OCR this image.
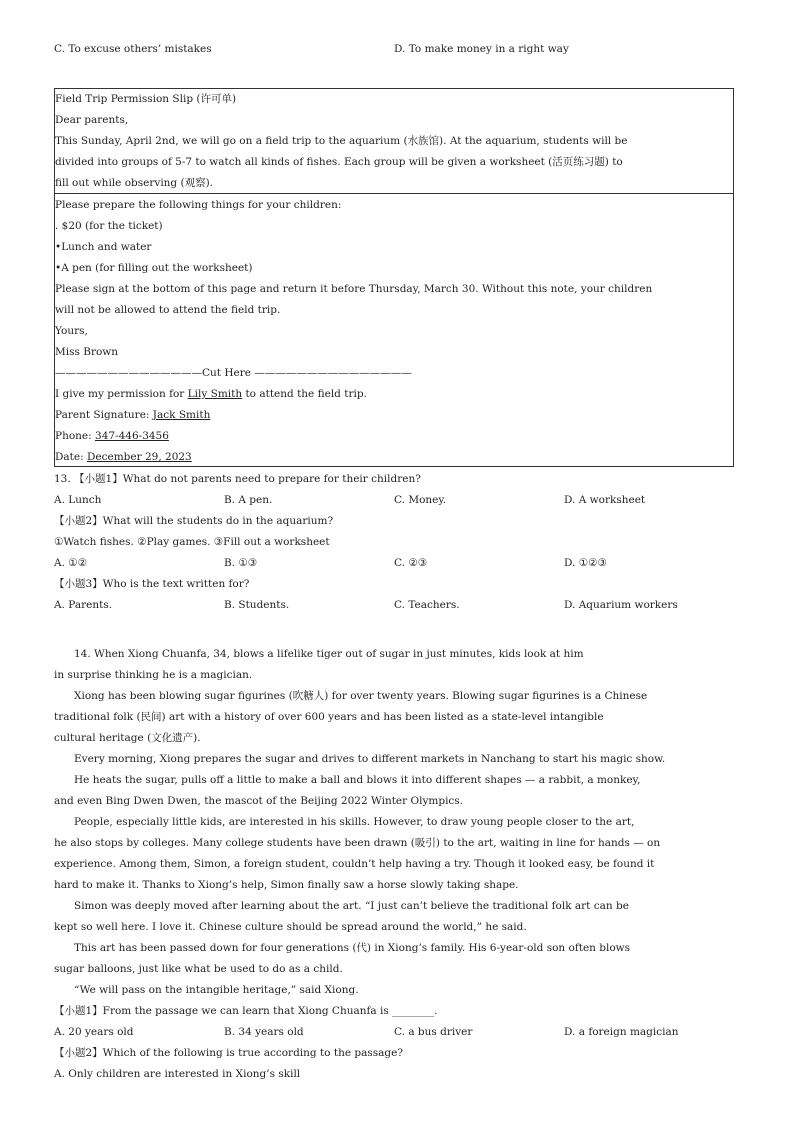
C. To excuse others’ mistakes	D. To make money in a right way
Field Trip Permission Slip (许可单)
Dear parents,
This Sunday, April 2nd, we will go on a field trip to the aquarium (水族馆). At the aquarium, students will be
divided into groups of 5-7 to watch all kinds of fishes. Each group will be given a worksheet (活页练习题) to
fill out while observing (观察).
Please prepare the following things for your children:
. $20 (for the ticket)
•Lunch and water
•A pen (for filling out the worksheet)
Please sign at the bottom of this page and return it before Thursday, March 30. Without this note, your children
will not be allowed to attend the field trip.
Yours,
Miss Brown
——————————————Cut Here ———————————————
I give my permission for Lily Smith to attend the field trip.
Parent Signature: Jack Smith
Phone: 347-446-3456
Date: December 29, 2023
13. 【小题1】What do not parents need to prepare for their children?
A. Lunch	B. A pen.	C. Money.	D. A worksheet
【小题2】What will the students do in the aquarium?
①Watch fishes. ②Play games. ③Fill out a worksheet
A. ①②	B. ①③	C. ②③	D. ①②③
【小题3】Who is the text written for?
A. Parents.	B. Students.	C. Teachers.	D. Aquarium workers
14. When Xiong Chuanfa, 34, blows a lifelike tiger out of sugar in just minutes, kids look at him
in surprise thinking he is a magician.
Xiong has been blowing sugar figurines (吹糖人) for over twenty years. Blowing sugar figurines is a Chinese
traditional folk (民间) art with a history of over 600 years and has been listed as a state-level intangible
cultural heritage (文化遗产).
Every morning, Xiong prepares the sugar and drives to different markets in Nanchang to start his magic show.
He heats the sugar, pulls off a little to make a ball and blows it into different shapes — a rabbit, a monkey,
and even Bing Dwen Dwen, the mascot of the Beijing 2022 Winter Olympics.
People, especially little kids, are interested in his skills. However, to draw young people closer to the art,
he also stops by colleges. Many college students have been drawn (吸引) to the art, waiting in line for hands — on
experience. Among them, Simon, a foreign student, couldn’t help having a try. Though it looked easy, be found it
hard to make it. Thanks to Xiong’s help, Simon finally saw a horse slowly taking shape.
Simon was deeply moved after learning about the art. “I just can’t believe the traditional folk art can be
kept so well here. I love it. Chinese culture should be spread around the world,” he said.
This art has been passed down for four generations (代) in Xiong’s family. His 6-year-old son often blows
sugar balloons, just like what be used to do as a child.
“We will pass on the intangible heritage,” said Xiong.
【小题1】From the passage we can learn that Xiong Chuanfa is ________.
A. 20 years old	B. 34 years old	C. a bus driver	D. a foreign magician
【小题2】Which of the following is true according to the passage?
A. Only children are interested in Xiong’s skill
